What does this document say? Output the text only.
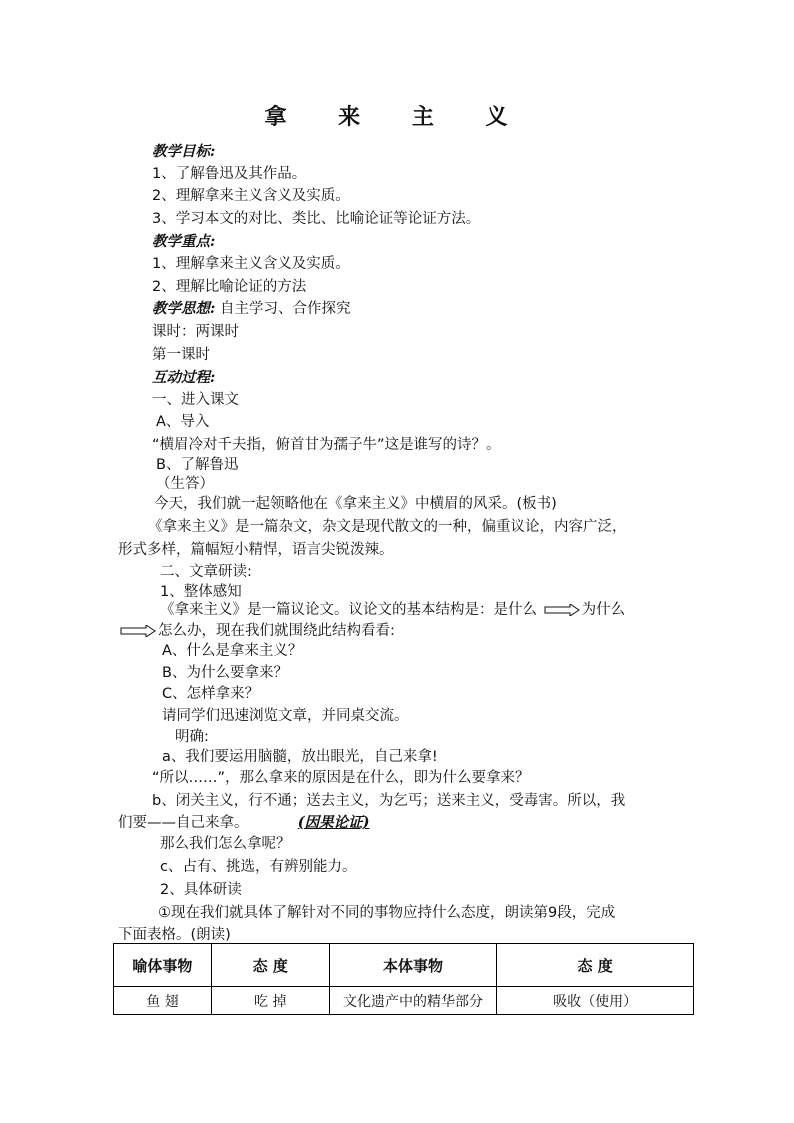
拿 来 主 义
教学目标:
1、了解鲁迅及其作品。
2、理解拿来主义含义及实质。
3、学习本文的对比、类比、比喻论证等论证方法。
教学重点:
1、理解拿来主义含义及实质。
2、理解比喻论证的方法
课时：两课时
第一课时
互动过程:
一、进入课文
A、导入
“横眉冷对千夫指，俯首甘为孺子牛”这是谁写的诗？。
B、了解鲁迅
（生答）
今天，我们就一起领略他在《拿来主义》中横眉的风采。(板书)
《拿来主义》是一篇杂文，杂文是现代散文的一种，偏重议论，内容广泛，
形式多样，篇幅短小精悍，语言尖锐泼辣。
二、文章研读:
1、整体感知
A、什么是拿来主义？
B、为什么要拿来？
C、怎样拿来？
请同学们迅速浏览文章，并同桌交流。
明确:
a、我们要运用脑髓，放出眼光，自己来拿!
“所以……”，那么拿来的原因是在什么，即为什么要拿来？
b、闭关主义，行不通；送去主义，为乞丐；送来主义，受毒害。所以，我
那么我们怎么拿呢？
c、占有、挑选，有辨别能力。
2、具体研读
①现在我们就具体了解针对不同的事物应持什么态度，朗读第9段，完成
下面表格。(朗读)
教学思想: 自主学习、合作探究
《拿来主义》是一篇议论文。议论文的基本结构是：是什么	为什么
怎么办，现在我们就围绕此结构看看:
们要——自己来拿。	(因果论证)
喻体事物	态 度	本体事物	态 度
鱼 翅	吃 掉	文化遗产中的精华部分	吸收（使用）
